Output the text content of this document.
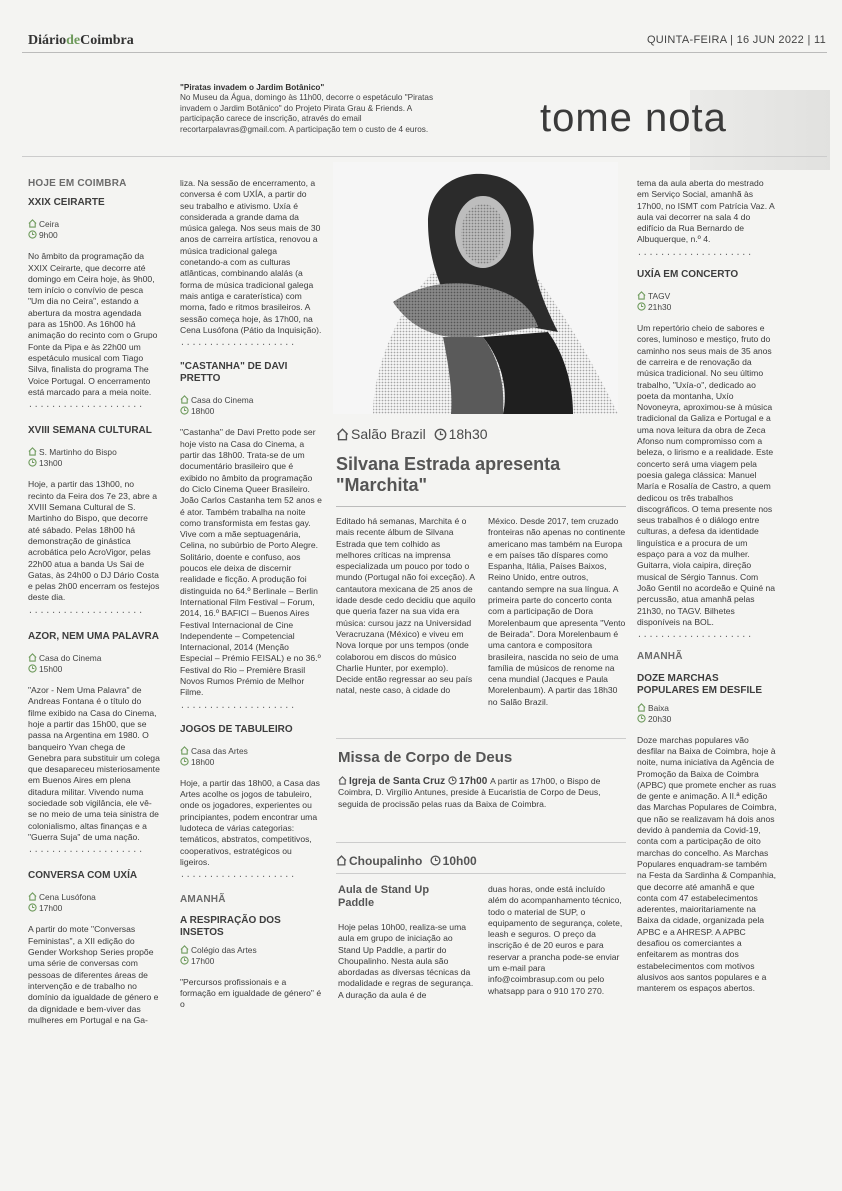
DiáriodeCoimbra	QUINTA-FEIRA | 16 JUN 2022 | 11
"Piratas invadem o Jardim Botânico"
No Museu da Água, domingo às 11h00, decorre o espetáculo "Piratas invadem o Jardim Botânico" do Projeto Pirata Grau & Friends. A participação carece de inscrição, através do email recortarpalavras@gmail.com. A participação tem o custo de 4 euros.	tome nota
HOJE EM COIMBRA
XXIX CEIRARTE
Ceira
9h00

No âmbito da programação da XXIX Ceirarte, que decorre até domingo em Ceira hoje, às 9h00, tem início o convívio de pesca "Um dia no Ceira", estando a abertura da mostra agendada para as 15h00. As 16h00 há animação do recinto com o Grupo Fonte da Pipa e às 22h00 um espetáculo musical com Tiago Silva, finalista do programa The Voice Portugal. O encerramento está marcado para a meia noite.

....................
XVIII SEMANA CULTURAL
S. Martinho do Bispo
13h00

Hoje, a partir das 13h00, no recinto da Feira dos 7e 23, abre a XVIII Semana Cultural de S. Martinho do Bispo, que decorre até sábado. Pelas 18h00 há demonstração de ginástica acrobática pelo AcroVigor, pelas 22h00 atua a banda Us Sai de Gatas, às 24h00 o DJ Dário Costa e pelas 2h00 encerram os festejos deste dia.

....................
AZOR, NEM UMA PALAVRA
Casa do Cinema
15h00

"Azor - Nem Uma Palavra" de Andreas Fontana é o título do filme exibido na Casa do Cinema, hoje a partir das 15h00, que se passa na Argentina em 1980. O banqueiro Yvan chega de Genebra para substituir um colega que desapareceu misteriosamente em Buenos Aires em plena ditadura militar. Vivendo numa sociedade sob vigilância, ele vê-se no meio de uma teia sinistra de colonialismo, altas finanças e a "Guerra Suja" de uma nação.

....................
CONVERSA COM UXÍA
Cena Lusófona
17h00

A partir do mote "Conversas Feministas", a XII edição do Gender Workshop Series propõe uma série de conversas com pessoas de diferentes áreas de intervenção e de trabalho no domínio da igualdade de género e da dignidade e bem-viver das mulheres em Portugal e na Ga-

liza. Na sessão de encerramento, a conversa é com UXÍA, a partir do seu trabalho e ativismo. Uxía é considerada a grande dama da música galega. Nos seus mais de 30 anos de carreira artística, renovou a música tradicional galega conetando-a com as culturas atlânticas, combinando alalás (a forma de música tradicional galega mais antiga e caraterística) com morna, fado e ritmos brasileiros. A sessão começa hoje, às 17h00, na Cena Lusófona (Pátio da Inquisição).

....................
"CASTANHA" DE DAVI PRETTO
Casa do Cinema
18h00

"Castanha" de Davi Pretto pode ser hoje visto na Casa do Cinema, a partir das 18h00. Trata-se de um documentário brasileiro que é exibido no âmbito da programação do Ciclo Cinema Queer Brasileiro. João Carlos Castanha tem 52 anos e é ator. Também trabalha na noite como transformista em festas gay. Vive com a mãe septuagenária, Celina, no subúrbio de Porto Alegre. Solitário, doente e confuso, aos poucos ele deixa de discernir realidade e ficção. A produção foi distinguida no 64.º Berlinale – Berlin International Film Festival – Forum, 2014, 16.º BAFICI – Buenos Aires Festival Internacional de Cine Independente – Competencial Internacional, 2014 (Menção Especial – Prémio FEISAL) e no 36.º Festival do Rio – Première Brasil Novos Rumos Prémio de Melhor Filme.

....................
JOGOS DE TABULEIRO
Casa das Artes
18h00

Hoje, a partir das 18h00, a Casa das Artes acolhe os jogos de tabuleiro, onde os jogadores, experientes ou principiantes, podem encontrar uma ludoteca de várias categorias: temáticos, abstratos, competitivos, cooperativos, estratégicos ou ligeiros.

....................
AMANHÃ
A RESPIRAÇÃO DOS INSETOS
Colégio das Artes
17h00

"Percursos profissionais e a formação em igualdade de género" é o

Salão Brazil 18h30
Silvana Estrada apresenta
"Marchita"
Editado há semanas, Marchita é o mais recente álbum de Silvana Estrada que tem colhido as melhores críticas na imprensa especializada um pouco por todo o mundo (Portugal não foi exceção). A cantautora mexicana de 25 anos de idade desde cedo decidiu que aquilo que queria fazer na sua vida era música: cursou jazz na Universidad Veracruzana (México) e viveu em Nova Iorque por uns tempos (onde colaborou em discos do músico Charlie Hunter, por exemplo). Decide então regressar ao seu país natal, neste caso, à cidade do
México. Desde 2017, tem cruzado fronteiras não apenas no continente americano mas também na Europa e em países tão díspares como Espanha, Itália, Países Baixos, Reino Unido, entre outros, cantando sempre na sua língua. A primeira parte do concerto conta com a participação de Dora Morelenbaum que apresenta "Vento de Beirada". Dora Morelenbaum é uma cantora e compositora brasileira, nascida no seio de uma família de músicos de renome na cena mundial (Jacques e Paula Morelenbaum). A partir das 18h30 no Salão Brazil.
Missa de Corpo de Deus
Igreja de Santa Cruz 17h00 A partir as 17h00, o Bispo de Coimbra, D. Virgílio Antunes, preside à Eucaristia de Corpo de Deus, seguida de procissão pelas ruas da Baixa de Coimbra.
Choupalinho 10h00
Aula de Stand Up Paddle
Hoje pelas 10h00, realiza-se uma aula em grupo de iniciação ao Stand Up Paddle, a partir do Choupalinho. Nesta aula são abordadas as diversas técnicas da modalidade e regras de segurança. A duração da aula é de
duas horas, onde está incluído além do acompanhamento técnico, todo o material de SUP, o equipamento de segurança, colete, leash e seguros. O preço da inscrição é de 20 euros e para reservar a prancha pode-se enviar um e-mail para info@coimbrasup.com ou pelo whatsapp para o 910 170 270.

tema da aula aberta do mestrado em Serviço Social, amanhã às 17h00, no ISMT com Patrícia Vaz. A aula vai decorrer na sala 4 do edifício da Rua Bernardo de Albuquerque, n.º 4.

....................
UXÍA EM CONCERTO
TAGV
21h30

Um repertório cheio de sabores e cores, luminoso e mestiço, fruto do caminho nos seus mais de 35 anos de carreira e de renovação da música tradicional. No seu último trabalho, "Uxía-o", dedicado ao poeta da montanha, Uxío Novoneyra, aproximou-se à música tradicional da Galiza e Portugal e a uma nova leitura da obra de Zeca Afonso num compromisso com a beleza, o lirismo e a realidade. Este concerto será uma viagem pela poesia galega clássica: Manuel María e Rosalía de Castro, a quem dedicou os três trabalhos discográficos. O tema presente nos seus trabalhos é o diálogo entre culturas, a defesa da identidade linguística e a procura de um espaço para a voz da mulher. Guitarra, viola caipira, direção musical de Sérgio Tannus. Com João Gentil no acordeão e Quiné na percussão, atua amanhã pelas 21h30, no TAGV. Bilhetes disponíveis na BOL.

....................
AMANHÃ
DOZE MARCHAS POPULARES EM DESFILE
Baixa
20h30

Doze marchas populares vão desfilar na Baixa de Coimbra, hoje à noite, numa iniciativa da Agência de Promoção da Baixa de Coimbra (APBC) que promete encher as ruas de gente e animação. A II.ª edição das Marchas Populares de Coimbra, que não se realizavam há dois anos devido à pandemia da Covid-19, conta com a participação de oito marchas do concelho. As Marchas Populares enquadram-se também na Festa da Sardinha & Companhia, que decorre até amanhã e que conta com 47 estabelecimentos aderentes, maioritariamente na Baixa da cidade, organizada pela APBC e a AHRESP. A APBC desafiou os comerciantes a enfeitarem as montras dos estabelecimentos com motivos alusivos aos santos populares e a manterem os espaços abertos.
